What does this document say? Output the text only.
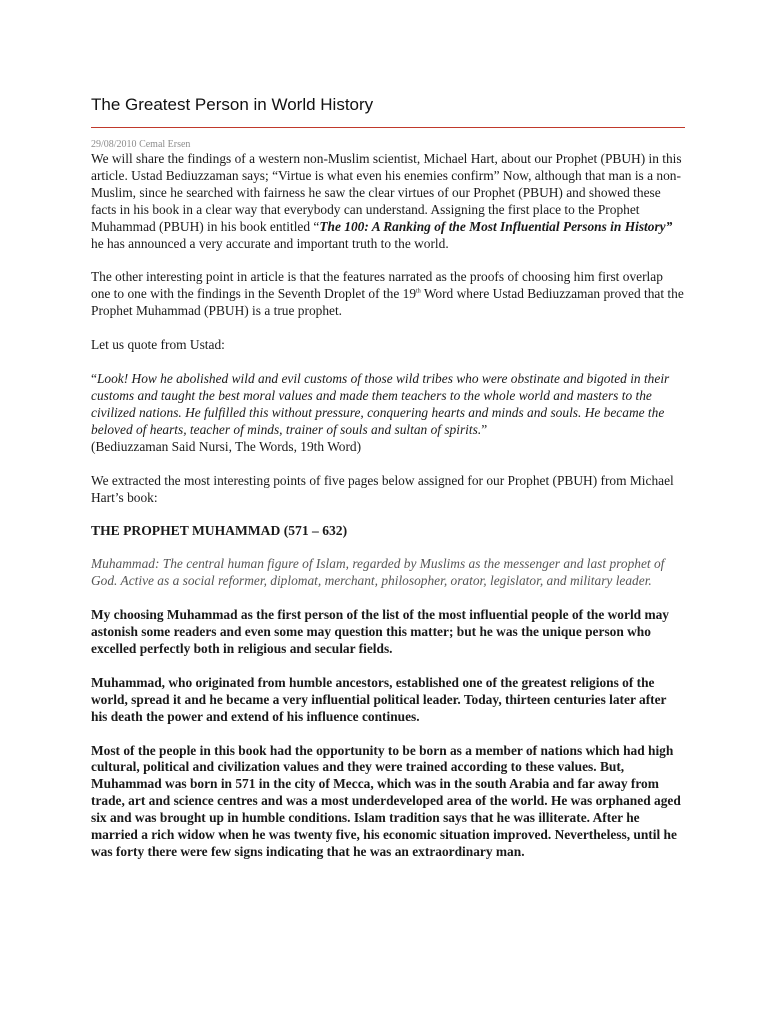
The Greatest Person in World History
29/08/2010 Cemal Ersen

We will share the findings of a western non-Muslim scientist, Michael Hart, about our Prophet (PBUH) in this article. Ustad Bediuzzaman says; “Virtue is what even his enemies confirm” Now, although that man is a non-Muslim, since he searched with fairness he saw the clear virtues of our Prophet (PBUH) and showed these facts in his book in a clear way that everybody can understand. Assigning the first place to the Prophet Muhammad (PBUH) in his book entitled “The 100: A Ranking of the Most Influential Persons in History” he has announced a very accurate and important truth to the world.

The other interesting point in article is that the features narrated as the proofs of choosing him first overlap one to one with the findings in the Seventh Droplet of the 19th Word where Ustad Bediuzzaman proved that the Prophet Muhammad (PBUH) is a true prophet.

Let us quote from Ustad:

“Look! How he abolished wild and evil customs of those wild tribes who were obstinate and bigoted in their customs and taught the best moral values and made them teachers to the whole world and masters to the civilized nations. He fulfilled this without pressure, conquering hearts and minds and souls. He became the beloved of hearts, teacher of minds, trainer of souls and sultan of spirits.”
(Bediuzzaman Said Nursi, The Words, 19th Word)

We extracted the most interesting points of five pages below assigned for our Prophet (PBUH) from Michael Hart’s book:

THE PROPHET MUHAMMAD (571 – 632)

Muhammad: The central human figure of Islam, regarded by Muslims as the messenger and last prophet of God. Active as a social reformer, diplomat, merchant, philosopher, orator, legislator, and military leader.

My choosing Muhammad as the first person of the list of the most influential people of the world may astonish some readers and even some may question this matter; but he was the unique person who excelled perfectly both in religious and secular fields.

Muhammad, who originated from humble ancestors, established one of the greatest religions of the world, spread it and he became a very influential political leader. Today, thirteen centuries later after his death the power and extend of his influence continues.

Most of the people in this book had the opportunity to be born as a member of nations which had high cultural, political and civilization values and they were trained according to these values. But, Muhammad was born in 571 in the city of Mecca, which was in the south Arabia and far away from trade, art and science centres and was a most underdeveloped area of the world. He was orphaned aged six and was brought up in humble conditions. Islam tradition says that he was illiterate. After he married a rich widow when he was twenty five, his economic situation improved. Nevertheless, until he was forty there were few signs indicating that he was an extraordinary man.
